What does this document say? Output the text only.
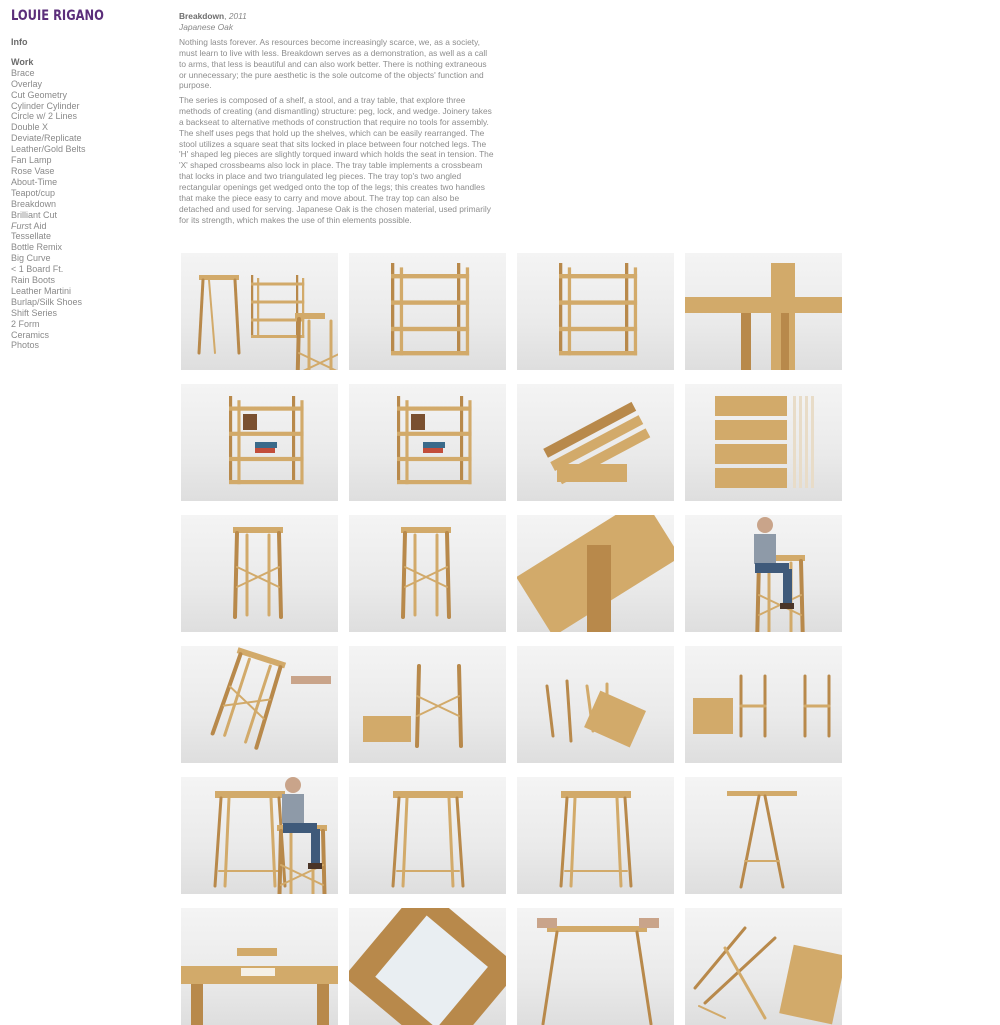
LOUIE RIGANO
Info
Work
Brace
Overlay
Cut Geometry
Cylinder Cylinder
Circle w/ 2 Lines
Double X
Deviate/Replicate
Leather/Gold Belts
Fan Lamp
Rose Vase
About-Time
Teapot/cup
Breakdown
Brilliant Cut
Furst Aid
Tessellate
Bottle Remix
Big Curve
< 1 Board Ft.
Rain Boots
Leather Martini
Burlap/Silk Shoes
Shift Series
2 Form
Ceramics
Photos
Breakdown, 2011
Japanese Oak

Nothing lasts forever. As resources become increasingly scarce, we, as a society, must learn to live with less. Breakdown serves as a demonstration, as well as a call to arms, that less is beautiful and can also work better. There is nothing extraneous or unnecessary; the pure aesthetic is the sole outcome of the objects' function and purpose.

The series is composed of a shelf, a stool, and a tray table, that explore three methods of creating (and dismantling) structure: peg, lock, and wedge. Joinery takes a backseat to alternative methods of construction that require no tools for assembly. The shelf uses pegs that hold up the shelves, which can be easily rearranged. The stool utilizes a square seat that sits locked in place between four notched legs. The 'H' shaped leg pieces are slightly torqued inward which holds the seat in tension. The 'X' shaped crossbeams also lock in place. The tray table implements a crossbeam that locks in place and two triangulated leg pieces. The tray top's two angled rectangular openings get wedged onto the top of the legs; this creates two handles that make the piece easy to carry and move about. The tray top can also be detached and used for serving. Japanese Oak is the chosen material, used primarily for its strength, which makes the use of thin elements possible.
